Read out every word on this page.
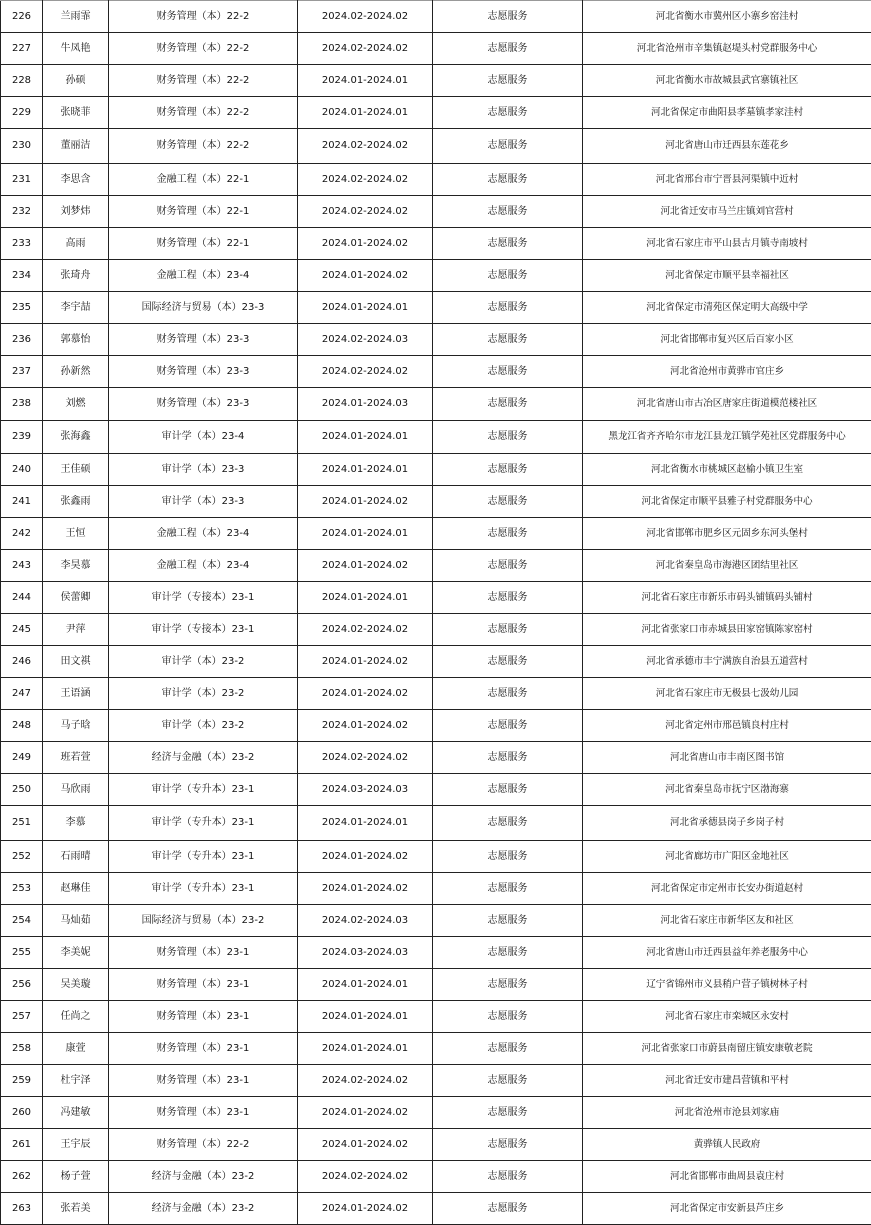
226	兰雨霏	财务管理（本）22-2	2024.02-2024.02	志愿服务	河北省衡水市冀州区小寨乡窑洼村
227	牛凤艳	财务管理（本）22-2	2024.02-2024.02	志愿服务	河北省沧州市辛集镇赵堤头村党群服务中心
228	孙硕	财务管理（本）22-2	2024.01-2024.01	志愿服务	河北省衡水市故城县武官寨镇社区
229	张晓菲	财务管理（本）22-2	2024.01-2024.01	志愿服务	河北省保定市曲阳县孝墓镇孝家洼村
230	董丽洁	财务管理（本）22-2	2024.02-2024.02	志愿服务	河北省唐山市迁西县东莲花乡
231	李思含	金融工程（本）22-1	2024.02-2024.02	志愿服务	河北省邢台市宁晋县河渠镇中近村
232	刘梦炜	财务管理（本）22-1	2024.02-2024.02	志愿服务	河北省迁安市马兰庄镇刘官营村
233	高雨	财务管理（本）22-1	2024.01-2024.02	志愿服务	河北省石家庄市平山县古月镇寺南坡村
234	张琦舟	金融工程（本）23-4	2024.01-2024.02	志愿服务	河北省保定市顺平县幸福社区
235	李宇喆	国际经济与贸易（本）23-3	2024.01-2024.01	志愿服务	河北省保定市清苑区保定明大高级中学
236	郭慕怡	财务管理（本）23-3	2024.02-2024.03	志愿服务	河北省邯郸市复兴区后百家小区
237	孙新然	财务管理（本）23-3	2024.02-2024.02	志愿服务	河北省沧州市黄骅市官庄乡
238	刘燃	财务管理（本）23-3	2024.01-2024.03	志愿服务	河北省唐山市古冶区唐家庄街道模范楼社区
239	张海鑫	审计学（本）23-4	2024.01-2024.01	志愿服务	黑龙江省齐齐哈尔市龙江县龙江镇学苑社区党群服务中心
240	王佳硕	审计学（本）23-3	2024.01-2024.01	志愿服务	河北省衡水市桃城区赵榆小镇卫生室
241	张鑫雨	审计学（本）23-3	2024.01-2024.02	志愿服务	河北省保定市顺平县雅子村党群服务中心
242	王恒	金融工程（本）23-4	2024.01-2024.01	志愿服务	河北省邯郸市肥乡区元固乡东河头堡村
243	李昊慕	金融工程（本）23-4	2024.01-2024.02	志愿服务	河北省秦皇岛市海港区团结里社区
244	侯蕾卿	审计学（专接本）23-1	2024.01-2024.01	志愿服务	河北省石家庄市新乐市码头铺镇码头铺村
245	尹萍	审计学（专接本）23-1	2024.02-2024.02	志愿服务	河北省张家口市赤城县田家窑镇陈家窑村
246	田文祺	审计学（本）23-2	2024.01-2024.02	志愿服务	河北省承德市丰宁满族自治县五道营村
247	王语涵	审计学（本）23-2	2024.01-2024.02	志愿服务	河北省石家庄市无极县七汲幼儿园
248	马子晗	审计学（本）23-2	2024.01-2024.02	志愿服务	河北省定州市邢邑镇良村庄村
249	班若萱	经济与金融（本）23-2	2024.02-2024.02	志愿服务	河北省唐山市丰南区图书馆
250	马欣雨	审计学（专升本）23-1	2024.03-2024.03	志愿服务	河北省秦皇岛市抚宁区渤海寨
251	李慕	审计学（专升本）23-1	2024.01-2024.01	志愿服务	河北省承德县岗子乡岗子村
252	石雨晴	审计学（专升本）23-1	2024.01-2024.02	志愿服务	河北省廊坊市广阳区金地社区
253	赵琳佳	审计学（专升本）23-1	2024.01-2024.02	志愿服务	河北省保定市定州市长安办街道赵村
254	马灿茹	国际经济与贸易（本）23-2	2024.02-2024.03	志愿服务	河北省石家庄市新华区友和社区
255	李美妮	财务管理（本）23-1	2024.03-2024.03	志愿服务	河北省唐山市迁西县益年养老服务中心
256	吴美璇	财务管理（本）23-1	2024.01-2024.01	志愿服务	辽宁省锦州市义县稍户营子镇树林子村
257	任尚之	财务管理（本）23-1	2024.01-2024.01	志愿服务	河北省石家庄市栾城区永安村
258	康萱	财务管理（本）23-1	2024.01-2024.01	志愿服务	河北省张家口市蔚县南留庄镇安康敬老院
259	杜宇泽	财务管理（本）23-1	2024.02-2024.02	志愿服务	河北省迁安市建昌营镇和平村
260	冯建敏	财务管理（本）23-1	2024.01-2024.02	志愿服务	河北省沧州市沧县刘家庙
261	王宇辰	财务管理（本）22-2	2024.01-2024.02	志愿服务	黄骅镇人民政府
262	杨子萱	经济与金融（本）23-2	2024.02-2024.02	志愿服务	河北省邯郸市曲周县袁庄村
263	张若美	经济与金融（本）23-2	2024.01-2024.02	志愿服务	河北省保定市安新县芦庄乡
